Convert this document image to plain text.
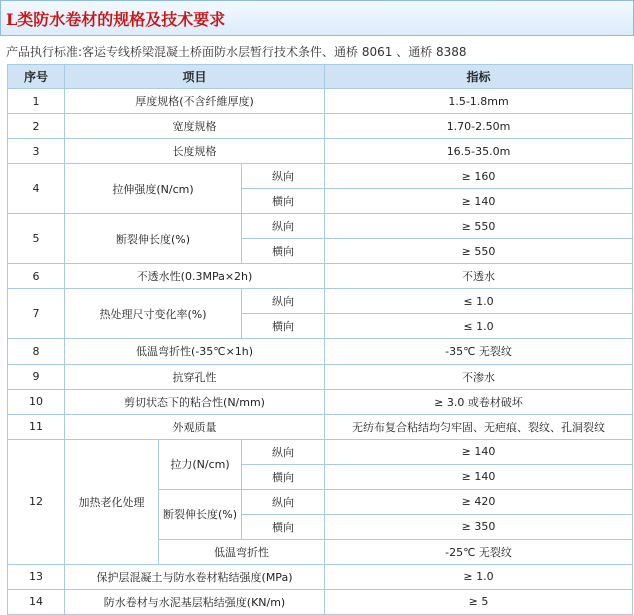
L类防水卷材的规格及技术要求
产品执行标准:客运专线桥梁混凝土桥面防水层暂行技术条件、通桥 8061 、通桥 8388
序号	项目			指标
1	厚度规格(不含纤維厚度)			1.5-1.8mm
2	宽度规格			1.70-2.50m
3	长度规格			16.5-35.0m
4	拉伸强度(N/cm)		纵向	≥ 160
			横向	≥ 140
5	断裂伸长度(%)		纵向	≥ 550
			横向	≥ 550
6	不透水性(0.3MPa×2h)			不透水
7	热处理尺寸变化率(%)		纵向	≤ 1.0
			横向	≤ 1.0
8	低温弯折性(-35℃×1h)			-35℃ 无裂纹
9	抗穿孔性			不渗水
10	剪切状态下的粘合性(N/mm)			≥ 3.0 或卷材破坏
11	外观质量			无纺布复合粘结均匀牢固、无疤痕、裂纹、孔洞裂纹
12	加热老化处理	拉力(N/cm)	纵向	≥ 140
			横向	≥ 140
		断裂伸长度(%)	纵向	≥ 420
			横向	≥ 350
		低温弯折性		-25℃ 无裂纹
13	保护层混凝土与防水卷材粘结强度(MPa)			≥ 1.0
14	防水卷材与水泥基层粘结强度(KN/m)			≥ 5
